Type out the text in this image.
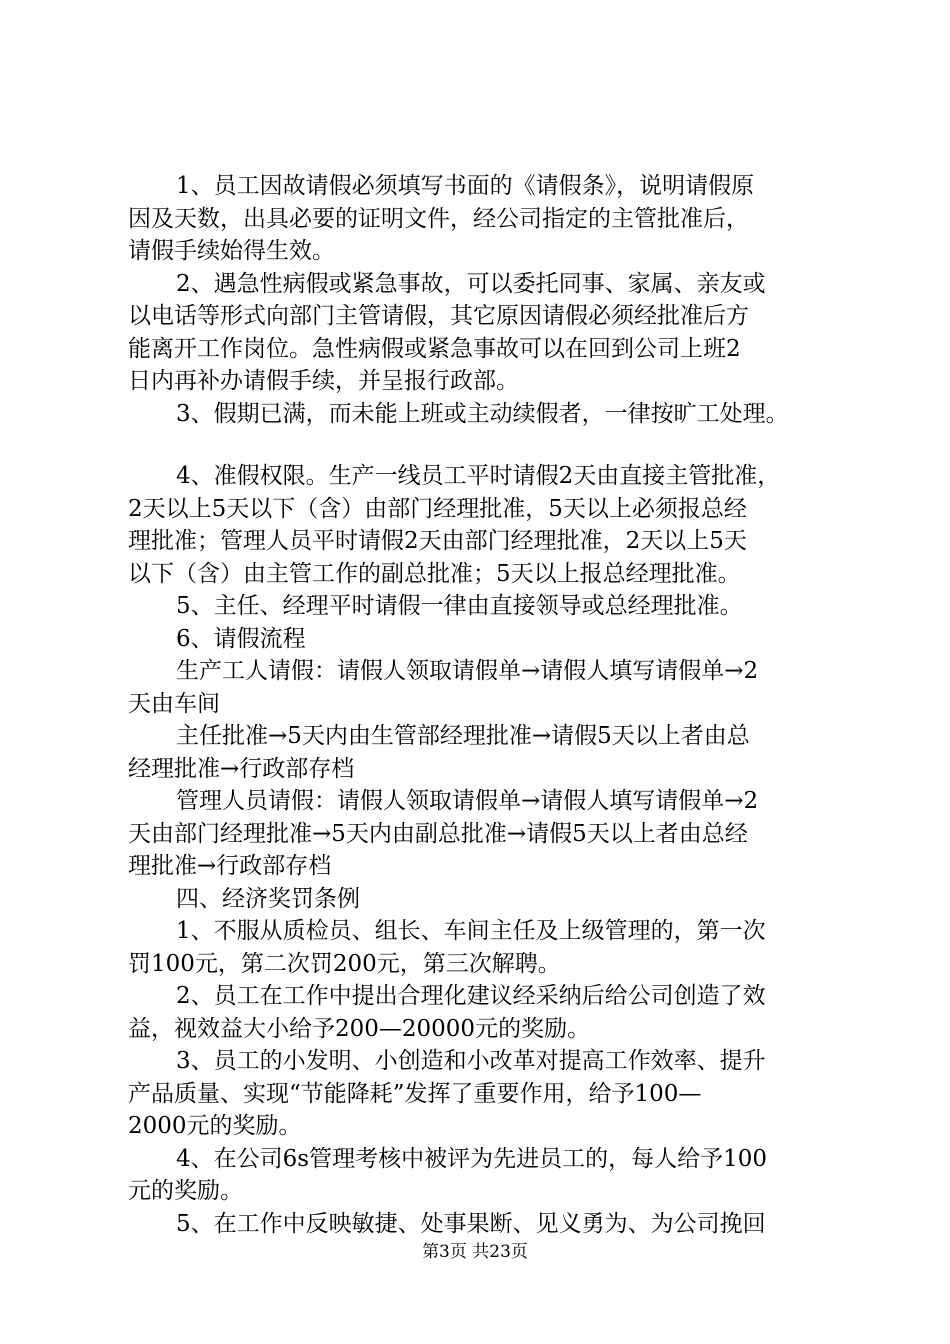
1、员工因故请假必须填写书面的《请假条》，说明请假原
因及天数，出具必要的证明文件，经公司指定的主管批准后，
请假手续始得生效。
2、遇急性病假或紧急事故，可以委托同事、家属、亲友或
以电话等形式向部门主管请假，其它原因请假必须经批准后方
能离开工作岗位。急性病假或紧急事故可以在回到公司上班2
日内再补办请假手续，并呈报行政部。
3、假期已满，而未能上班或主动续假者，一律按旷工处理。
4、准假权限。生产一线员工平时请假2天由直接主管批准，
2天以上5天以下（含）由部门经理批准，5天以上必须报总经
理批准；管理人员平时请假2天由部门经理批准，2天以上5天
以下（含）由主管工作的副总批准；5天以上报总经理批准。
5、主任、经理平时请假一律由直接领导或总经理批准。
6、请假流程
生产工人请假：请假人领取请假单→请假人填写请假单→2
天由车间
主任批准→5天内由生管部经理批准→请假5天以上者由总
经理批准→行政部存档
管理人员请假：请假人领取请假单→请假人填写请假单→2
天由部门经理批准→5天内由副总批准→请假5天以上者由总经
理批准→行政部存档
四、经济奖罚条例
1、不服从质检员、组长、车间主任及上级管理的，第一次
罚100元，第二次罚200元，第三次解聘。
2、员工在工作中提出合理化建议经采纳后给公司创造了效
益，视效益大小给予200—20000元的奖励。
3、员工的小发明、小创造和小改革对提高工作效率、提升
产品质量、实现“节能降耗”发挥了重要作用，给予100—
2000元的奖励。
4、在公司6s管理考核中被评为先进员工的，每人给予100
元的奖励。
5、在工作中反映敏捷、处事果断、见义勇为、为公司挽回
第3页 共23页
